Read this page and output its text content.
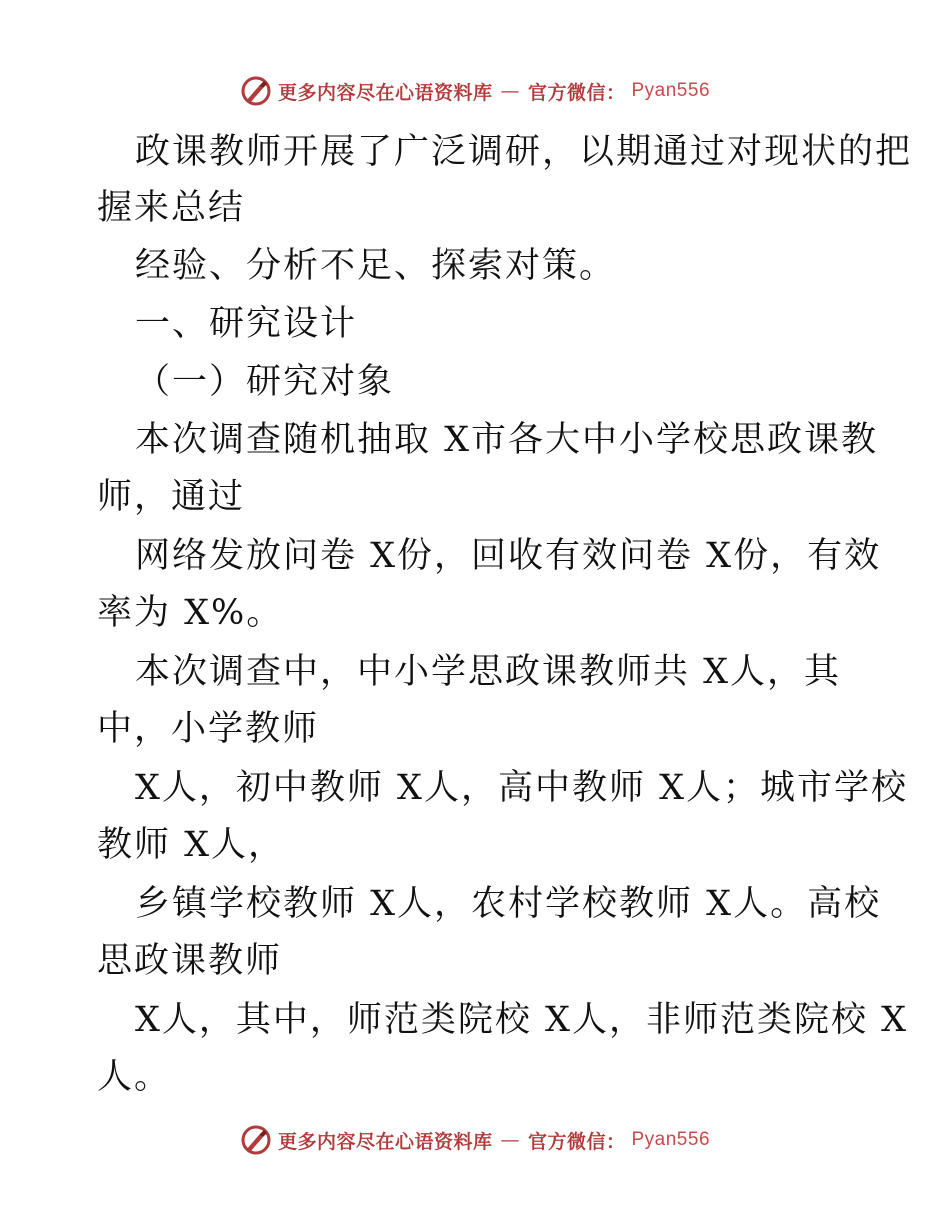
更多内容尽在心语资料库 — 官方微信： Pyan556
政课教师开展了广泛调研，以期通过对现状的把
握来总结
经验、分析不足、探索对策。
一、研究设计
（一）研究对象
本次调查随机抽取 X市各大中小学校思政课教
师，通过
网络发放问卷 X份，回收有效问卷 X份，有效
率为 X%。
本次调查中，中小学思政课教师共 X人，其
中，小学教师
X人，初中教师 X人，高中教师 X人；城市学校
教师 X人，
乡镇学校教师 X人，农村学校教师 X人。高校
思政课教师
X人，其中，师范类院校 X人，非师范类院校 X
人。
更多内容尽在心语资料库 — 官方微信： Pyan556
